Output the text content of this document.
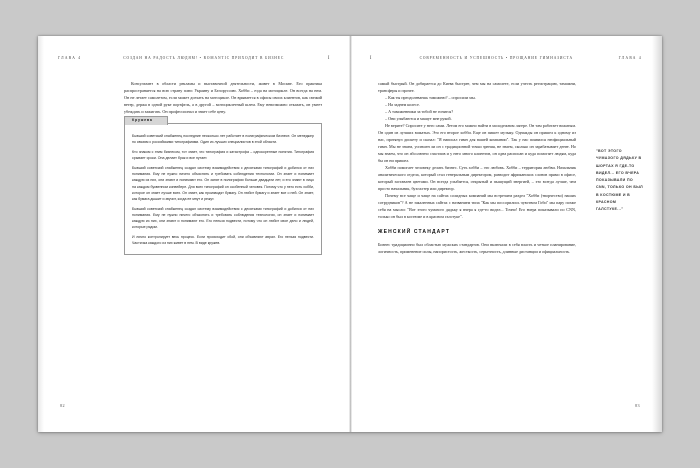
ГЛАВА 4	СОЗДАН НА РАДОСТЬ ЛЮДЯМ! • ROMANTIC ПРИХОДИТ В БИЗНЕС	I

Консультант в области рекламы и выставочной деятельности, живет в Москве. Его практика распространяется на всю страну плюс Украину и Белоруссию. Хобби – езда на мотоцикле. Он всегда на нем. Он не летает самолетом, если может доехать на мотоцикле. Он врывается в офисы своих клиентов, как свежий ветер, держа в одной руке портфель, а в другой – мотоциклетный шлем. Ему невозможно отказать, он умеет убеждать и зажигать. Он профессионал и знает себе цену.

Кружева

Бывший советский снабженец последние несколько лет работает в полиграфическом бизнесе. Он менеджер по связям с российскими типографиями. Один из лучших специалистов в этой области.

Кто знаком с этим бизнесом, тот знает, что типография и катастрофа – однокоренные понятия. Типография срывает сроки. Она делает брак и все путает.

Бывший советский снабженец создал систему взаимодействия с десятками типографий и добился от них понимания. Ему не нужно ничего объяснять и требовать соблюдения технологии. Он знает и понимает каждую из них, они знают и понимают его. Он занят в полиграфии больше двадцати лет, и его знают в лицо на каждом буквенном конвейере. Для всех типографий он особенный человек. Потому что у него есть хобби, которое он знает лучше всех. Он знает, как производят бумагу. Он любит бумагу и знает все о ней. Он знает, как бумага дышит и звучит, когда ее мнут и режут.

Бывший советский снабженец создал систему взаимодействия с десятками типографий и добился от них понимания. Ему не нужно ничего объяснять и требовать соблюдения технологии, он знает и понимает каждую из них, они знают и понимают его. Его нельзя подвести, потому что он любит свое дело и людей, которые рядом.

И лично контролирует весь процесс. Если происходит сбой, они объявляют аврал. Его нельзя подвести. Частичка каждого из них живет в нем. В виде кружев.

82
I	СОВРЕМЕННОСТЬ И УСПЕШНОСТЬ • ПРОЩАНИЕ ГИМНАЗИСТА	ГЛАВА 4

самый быстрый. Он добирается до Киева быстрее, чем мы на самолете, если учесть регистрацию, таможни, трансферы и прочее.

– Как ты преодолеваешь таможню? – спросили мы.

– На заднем колесе.

– А таможенники за тобой не гонятся?

– Они улыбаются и машут мне рукой.

Не верите? Спросите у него сами. Летом его можно найти в молодежном лагере. Он там работает вожатым. Он один из лучших вожатых. Это его второе хобби. Еще он пишет музыку. Однажды он пришел к одному из нас, протянул дискету и сказал: "Я написал гимн для вашей компании". Так у нас появился неофициальный гимн. Мы не знаем, успешен ли он с традиционной точки зрения, не знаем, сколько он зарабатывает денег. Но мы знаем, что он абсолютно счастлив и у него много клиентов, он одна расписан и куда помогает людям, куда бы он ни пришел.

Хобби помогает человеку делать бизнес. Суть хобби – это любовь. Хобби – территория любви. Начальник аналитического отдела, который стал генеральным директором, разводит африканских слонов прямо в офисе, который заставлен цветами. Он всегда улыбается, открытый и пышущий энергией, – это всегда лучше, чем просто начальник, бухгалтер или директор.

Почему все чаще и чаще на сайтах солидных компаний мы встречаем раздел "Хобби (творчество) наших сотрудников"? А не закаленных сайтах с названием типа "Как мы поссорились чувством Гоби" мы пару позже себя на мысли: "Вот этого чумазого дядьку я вчера я где-то видел... Точно! Его вчера показывали по CNN, только он был в костюме и в красном галстуке".

ЖЕНСКИЙ СТАНДАРТ

Бизнес традиционно был областью мужских стандартов. Они включали в себя власть и четкое планирование, логичность, применение силы, напористость, жесткость, серьезность, длинные дистанции и официальность.

"ВОТ ЭТОГО ЧУМАЗОГО ДЯДЬКУ В ШОРТАХ Я ГДЕ-ТО ВИДЕЛ... ЕГО ВЧЕРА ПОКАЗЫВАЛИ ПО CNN, ТОЛЬКО ОН БЫЛ В КОСТЮМЕ И В КРАСНОМ ГАЛСТУКЕ..."
83
